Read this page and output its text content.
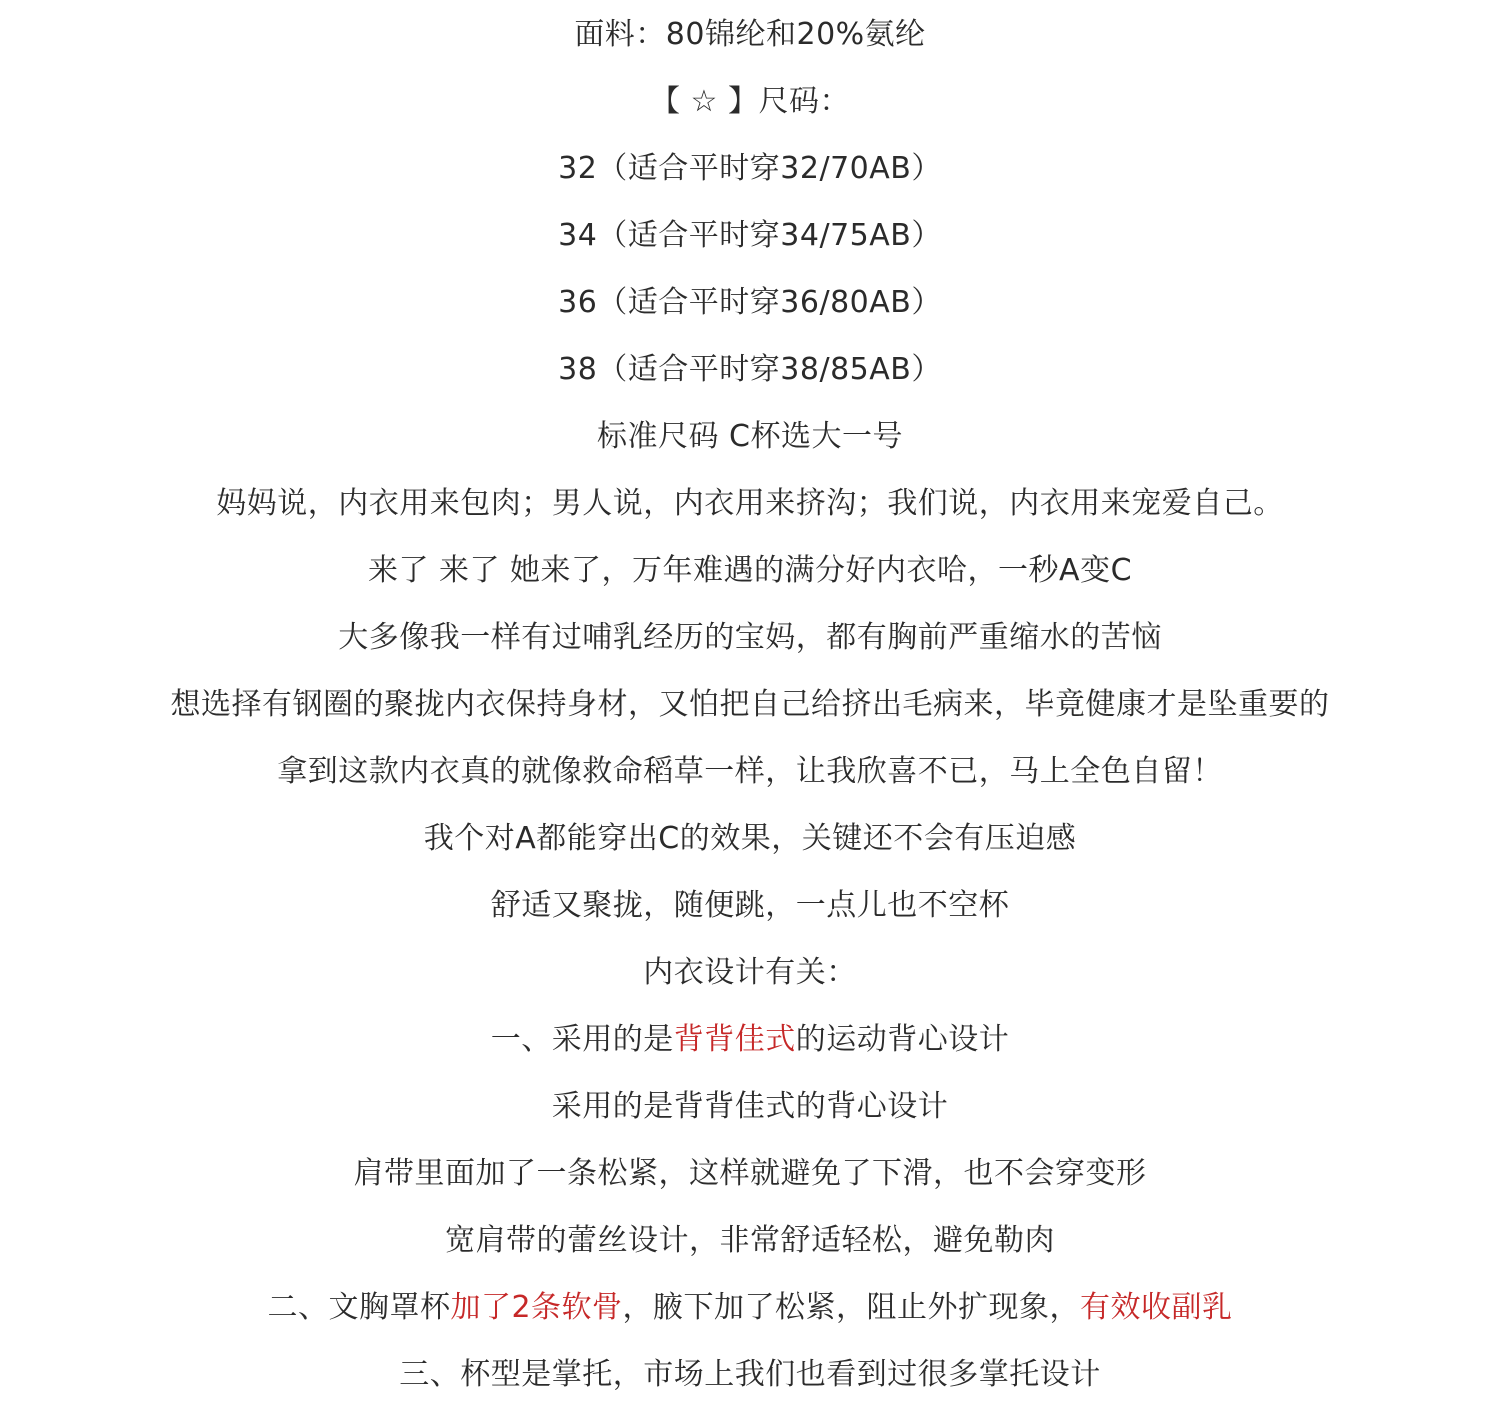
面料：80锦纶和20%氨纶
【 ☆ 】尺码：
32（适合平时穿32/70AB）
34（适合平时穿34/75AB）
36（适合平时穿36/80AB）
38（适合平时穿38/85AB）
标准尺码 C杯选大一号
妈妈说，内衣用来包肉；男人说，内衣用来挤沟；我们说，内衣用来宠爱自己。
来了 来了 她来了，万年难遇的满分好内衣哈，一秒A变C
大多像我一样有过哺乳经历的宝妈，都有胸前严重缩水的苦恼
想选择有钢圈的聚拢内衣保持身材，又怕把自己给挤出毛病来，毕竟健康才是坠重要的
拿到这款内衣真的就像救命稻草一样，让我欣喜不已，马上全色自留！
我个对A都能穿出C的效果，关键还不会有压迫感
舒适又聚拢，随便跳，一点儿也不空杯
内衣设计有关：
一、采用的是背背佳式的运动背心设计
采用的是背背佳式的背心设计
肩带里面加了一条松紧，这样就避免了下滑，也不会穿变形
宽肩带的蕾丝设计，非常舒适轻松，避免勒肉
二、文胸罩杯加了2条软骨，腋下加了松紧，阻止外扩现象，有效收副乳
三、杯型是掌托，市场上我们也看到过很多掌托设计
